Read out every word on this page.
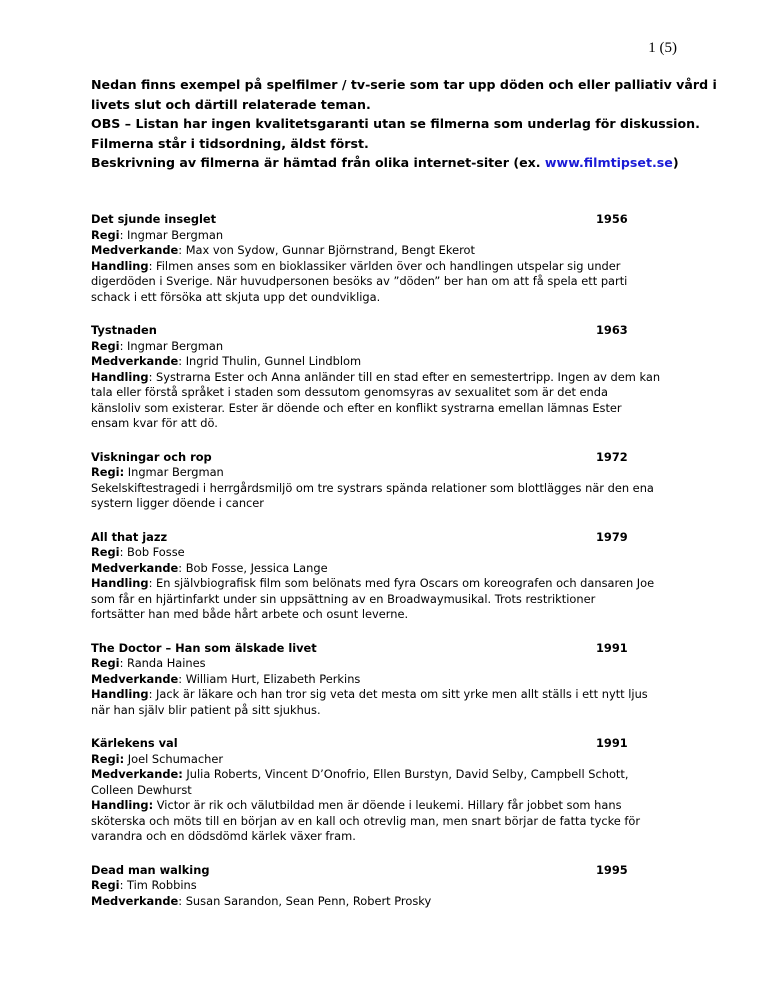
1 (5)
Nedan finns exempel på spelfilmer / tv-serie som tar upp döden och eller palliativ vård i
livets slut och därtill relaterade teman.
OBS – Listan har ingen kvalitetsgaranti utan se filmerna som underlag för diskussion.
Filmerna står i tidsordning, äldst först.
Beskrivning av filmerna är hämtad från olika internet-siter (ex. www.filmtipset.se)
Det sjunde inseglet	1956
Regi: Ingmar Bergman
Medverkande: Max von Sydow, Gunnar Björnstrand, Bengt Ekerot
Handling: Filmen anses som en bioklassiker världen över och handlingen utspelar sig under
digerdöden i Sverige. När huvudpersonen besöks av ”döden” ber han om att få spela ett parti
schack i ett försöka att skjuta upp det oundvikliga.
Tystnaden	1963
Regi: Ingmar Bergman
Medverkande: Ingrid Thulin, Gunnel Lindblom
Handling: Systrarna Ester och Anna anländer till en stad efter en semestertripp. Ingen av dem kan
tala eller förstå språket i staden som dessutom genomsyras av sexualitet som är det enda
känsloliv som existerar. Ester är döende och efter en konflikt systrarna emellan lämnas Ester
ensam kvar för att dö.
Viskningar och rop	1972
Regi: Ingmar Bergman
Sekelskiftestragedi i herrgårdsmiljö om tre systrars spända relationer som blottlägges när den ena
systern ligger döende i cancer
All that jazz	1979
Regi: Bob Fosse
Medverkande: Bob Fosse, Jessica Lange
Handling: En självbiografisk film som belönats med fyra Oscars om koreografen och dansaren Joe
som får en hjärtinfarkt under sin uppsättning av en Broadwaymusikal. Trots restriktioner
fortsätter han med både hårt arbete och osunt leverne.
The Doctor – Han som älskade livet	1991
Regi: Randa Haines
Medverkande: William Hurt, Elizabeth Perkins
Handling: Jack är läkare och han tror sig veta det mesta om sitt yrke men allt ställs i ett nytt ljus
när han själv blir patient på sitt sjukhus.
Kärlekens val	1991
Regi: Joel Schumacher
Medverkande: Julia Roberts, Vincent D’Onofrio, Ellen Burstyn, David Selby, Campbell Schott,
Colleen Dewhurst
Handling: Victor är rik och välutbildad men är döende i leukemi. Hillary får jobbet som hans
sköterska och möts till en början av en kall och otrevlig man, men snart börjar de fatta tycke för
varandra och en dödsdömd kärlek växer fram.
Dead man walking	1995
Regi: Tim Robbins
Medverkande: Susan Sarandon, Sean Penn, Robert Prosky
